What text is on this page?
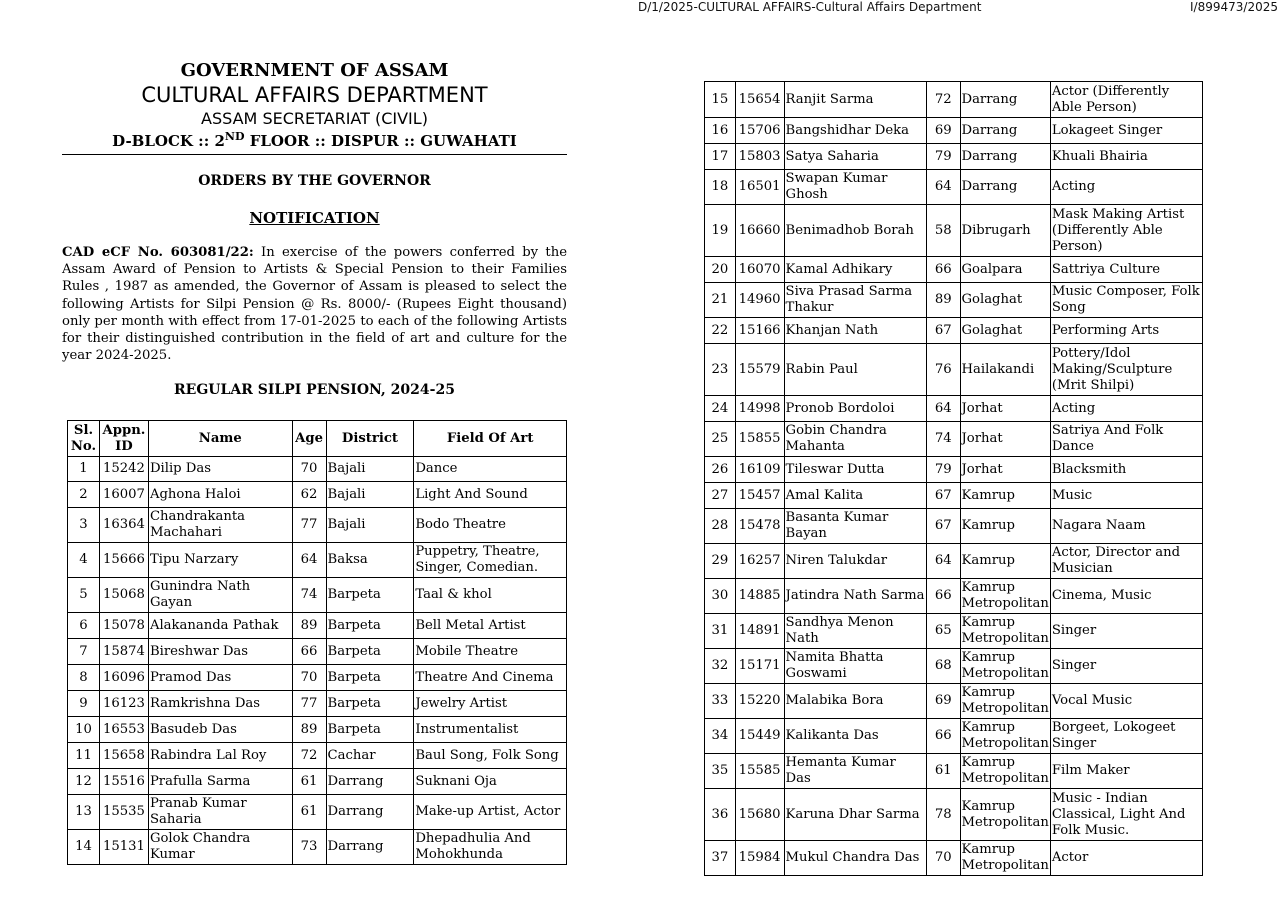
D/1/2025-CULTURAL AFFAIRS-Cultural Affairs Department	I/899473/2025
GOVERNMENT OF ASSAM
CULTURAL AFFAIRS DEPARTMENT
ASSAM SECRETARIAT (CIVIL)
D-BLOCK :: 2ND FLOOR :: DISPUR :: GUWAHATI
ORDERS BY THE GOVERNOR
NOTIFICATION
CAD eCF No. 603081/22: In exercise of the powers conferred by the Assam Award of Pension to Artists & Special Pension to their Families Rules , 1987 as amended, the Governor of Assam is pleased to select the following Artists for Silpi Pension @ Rs. 8000/- (Rupees Eight thousand) only per month with effect from 17-01-2025 to each of the following Artists for their distinguished contribution in the field of art and culture for the year 2024-2025.
REGULAR SILPI PENSION, 2024-25
Sl. No.	Appn. ID	Name	Age	District	Field Of Art
1	15242	Dilip Das	70	Bajali	Dance
2	16007	Aghona Haloi	62	Bajali	Light And Sound
3	16364	Chandrakanta Machahari	77	Bajali	Bodo Theatre
4	15666	Tipu Narzary	64	Baksa	Puppetry, Theatre, Singer, Comedian.
5	15068	Gunindra Nath Gayan	74	Barpeta	Taal & khol
6	15078	Alakananda Pathak	89	Barpeta	Bell Metal Artist
7	15874	Bireshwar Das	66	Barpeta	Mobile Theatre
8	16096	Pramod Das	70	Barpeta	Theatre And Cinema
9	16123	Ramkrishna Das	77	Barpeta	Jewelry Artist
10	16553	Basudeb Das	89	Barpeta	Instrumentalist
11	15658	Rabindra Lal Roy	72	Cachar	Baul Song, Folk Song
12	15516	Prafulla Sarma	61	Darrang	Suknani Oja
13	15535	Pranab Kumar Saharia	61	Darrang	Make-up Artist, Actor
14	15131	Golok Chandra Kumar	73	Darrang	Dhepadhulia And Mohokhunda
15	15654	Ranjit Sarma	72	Darrang	Actor (Differently Able Person)
16	15706	Bangshidhar Deka	69	Darrang	Lokageet Singer
17	15803	Satya Saharia	79	Darrang	Khuali Bhairia
18	16501	Swapan Kumar Ghosh	64	Darrang	Acting
19	16660	Benimadhob Borah	58	Dibrugarh	Mask Making Artist (Differently Able Person)
20	16070	Kamal Adhikary	66	Goalpara	Sattriya Culture
21	14960	Siva Prasad Sarma Thakur	89	Golaghat	Music Composer, Folk Song
22	15166	Khanjan Nath	67	Golaghat	Performing Arts
23	15579	Rabin Paul	76	Hailakandi	Pottery/Idol Making/Sculpture (Mrit Shilpi)
24	14998	Pronob Bordoloi	64	Jorhat	Acting
25	15855	Gobin Chandra Mahanta	74	Jorhat	Satriya And Folk Dance
26	16109	Tileswar Dutta	79	Jorhat	Blacksmith
27	15457	Amal Kalita	67	Kamrup	Music
28	15478	Basanta Kumar Bayan	67	Kamrup	Nagara Naam
29	16257	Niren Talukdar	64	Kamrup	Actor, Director and Musician
30	14885	Jatindra Nath Sarma	66	Kamrup Metropolitan	Cinema, Music
31	14891	Sandhya Menon Nath	65	Kamrup Metropolitan	Singer
32	15171	Namita Bhatta Goswami	68	Kamrup Metropolitan	Singer
33	15220	Malabika Bora	69	Kamrup Metropolitan	Vocal Music
34	15449	Kalikanta Das	66	Kamrup Metropolitan	Borgeet, Lokogeet Singer
35	15585	Hemanta Kumar Das	61	Kamrup Metropolitan	Film Maker
36	15680	Karuna Dhar Sarma	78	Kamrup Metropolitan	Music - Indian Classical, Light And Folk Music.
37	15984	Mukul Chandra Das	70	Kamrup Metropolitan	Actor
